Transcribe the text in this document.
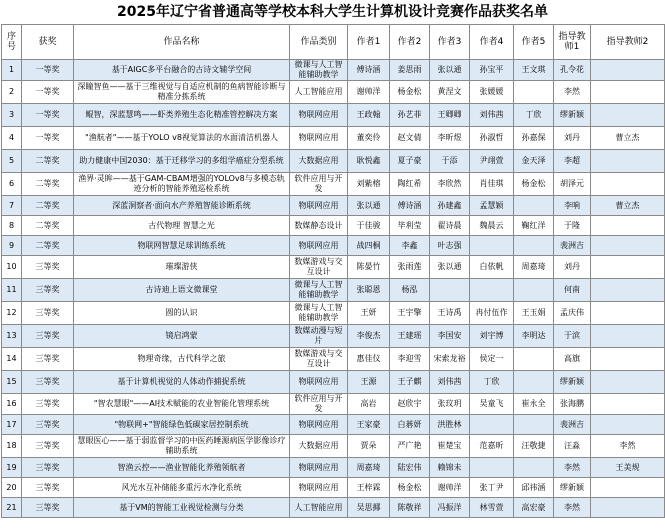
2025年辽宁省普通高等学校本科大学生计算机设计竞赛作品获奖名单
序号	获奖	作品名称	作品类别	作者1	作者2	作者3	作者4	作者5	指导教师1	指导教师2
1	一等奖	基于AIGC多平台融合的古诗文辅学空间	微课与人工智能辅助教学	傅诗涵	姜思雨	张以通	孙宝平	王文琪	孔令花	
2	一等奖	深瞳智鱼——基于三维视觉与自适应机制的鱼病智能诊断与精准分拣系统	人工智能应用	谢帅洋	杨金松	黄涅文	张媛媛		李然	
3	一等奖	鲲智，深蓝慧鸣——虾类养殖生态化精准管控解决方案	物联网应用	王政翰	孙艺菲	王卿卿	刘伟茜	丁欣	缪新颖	
4	一等奖	"渔航者"——基于YOLO v8视觉算法的水面清洁机器人	物联网应用	董奕伶	赵文倩	李昕煜	孙淑哲	孙嘉保	刘丹	曹立杰
5	二等奖	助力健康中国2030：基于迁移学习的多组学癌症分型系统	大数据应用	耿悦鑫	夏子豪	于添	尹翊萱	金天泽	李超	
6	二等奖	渔界·灵眸——基于GAM-CBAM增强的YOLOv8与多模态轨迹分析的智能养殖巡检系统	软件应用与开发	刘紫榕	陶红希	李欣然	肖佳琪	杨金松	胡泽元	
7	二等奖	深蓝洞察者·面向水产养殖智能诊断系统	物联网应用	张以通	傅诗涵	孙建鑫	孟慧颖		李响	曹立杰
8	二等奖	古代物理 智慧之光	数媒静态设计	于佳骏	毕利莹	翟诗晨	魏晨云	鞠红洋	于隆	
9	二等奖	物联网智慧足球训练系统	物联网应用	战四桐	李鑫	叶志强			裴洲吉	
10	三等奖	璀璨游侠	数媒游戏与交互设计	陈晏竹	张雨莲	张以通	白依帆	周嘉琦	刘丹	
11	三等奖	古诗迪上语文微课堂	微课与人工智能辅助教学	张聪恩	杨泓				何南	
12	三等奖	圆的认识	微课与人工智能辅助教学	王妍	王宇擎	王诗禹	冉付伍作	王玉娟	孟庆伟	
13	三等奖	镜启鸿蒙	数媒动漫与短片	李俊杰	王建瑶	李国安	刘宇博	李明达	于滨	
14	三等奖	物理奇缘，古代科学之旅	数媒游戏与交互设计	惠佳仪	李迎雪	宋索龙裕	侯定一		高旗	
15	三等奖	基于计算机视觉的人体动作捕捉系统	物联网应用	王源	王子麒	刘伟茜	丁欣		缪新颖	
16	三等奖	"智农慧眼"——AI技术赋能的农业智能化管理系统	软件应用与开发	高岩	赵欣宇	张玟玥	吴童飞	崔永全	张海鹏	
17	三等奖	"物联网+"智能绿色低碳家居控制系统	物联网应用	王家豪	白碁妍	洪胜林			裴洲吉	
18	三等奖	慧眼医心——基于弱监督学习的中医药睡源病医学影像诊疗辅助系统	大数据应用	贾朵	严广艳	崔楚宝	范嘉昕	汪敬捷	汪淼	李然
19	三等奖	智渔云控——渔业智能化养殖领航者	物联网应用	周嘉琦	陆宏伟	赖锦未			李然	王美规
20	三等奖	风光水互补储能多重污水净化系统	物联网应用	王梓霖	杨金松	谢帅洋	张丁尹	邱祎涵	缪新颖	
21	三等奖	基于VM的智能工业视觉检测与分类	人工智能应用	吴思揶	陈敬祥	冯振洋	林雪萱	高宏豪	李然	
